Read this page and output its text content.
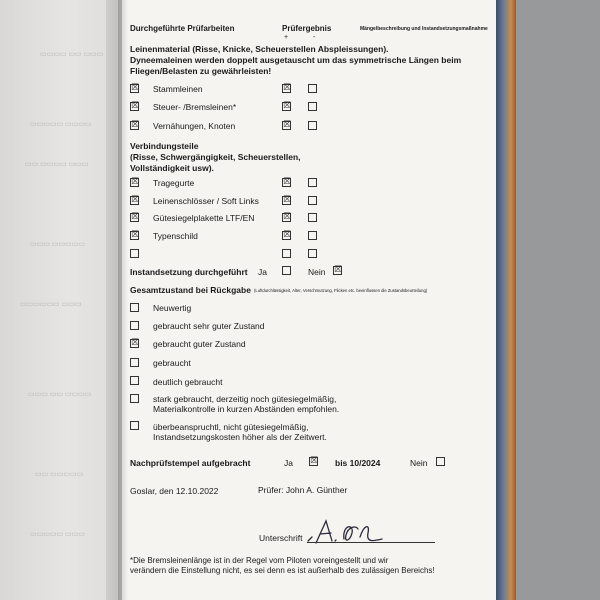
▭▭▭ ▭▭ ▭▭▭▭
▭▭▭▭ ▭▭▭▭▭
▭▭▭ ▭▭▭▭ ▭▭
▭▭▭▭▭ ▭▭▭
▭▭▭ ▭▭▭▭▭▭
▭▭▭▭ ▭▭ ▭▭▭
▭▭▭▭▭ ▭▭
▭▭▭ ▭▭▭▭▭
Durchgeführte Prüfarbeiten	Prüfergebnis	Mängelbeschreibung und Instandsetzungsmaßnahme
+	-
Leinenmaterial (Risse, Knicke, Scheuerstellen Abspleissungen).
Dyneemaleinen werden doppelt ausgetauscht um das symmetrische Längen beim
Fliegen/Belasten zu gewährleisten!
☒ Stammleinen	☒
☒ Steuer- /Bremsleinen*	☒
☒ Vernähungen, Knoten	☒
Verbindungsteile
(Risse, Schwergängigkeit, Scheuerstellen,
Vollständigkeit usw).
☒ Tragegurte	☒
☒ Leinenschlösser / Soft Links	☒
☒ Gütesiegelplakette LTF/EN	☒
☒ Typenschild	☒
Instandsetzung durchgeführt Ja	Nein ☒
Gesamtzustand bei Rückgabe (Luftdurchlässigkeit, Alter, Verschmutzung, Flicken etc. beeinflussen die Zustandsbeurteilung)
Neuwertig
gebraucht sehr guter Zustand
☒ gebraucht guter Zustand
gebraucht
deutlich gebraucht
stark gebraucht, derzeitig noch gütesiegelmäßig,
Materialkontrolle in kurzen Abständen empfohlen.
überbeanspruchtl, nicht gütesiegelmäßig,
Instandsetzungskosten höher als der Zeitwert.
Nachprüfstempel aufgebracht	Ja ☒ bis 10/2024	Nein
Goslar, den 12.10.2022	Prüfer: John A. Günther
Unterschrift
*Die Bremsleinenlänge ist in der Regel vom Piloten voreingestellt und wir
verändern die Einstellung nicht, es sei denn es ist außerhalb des zulässigen Bereichs!
